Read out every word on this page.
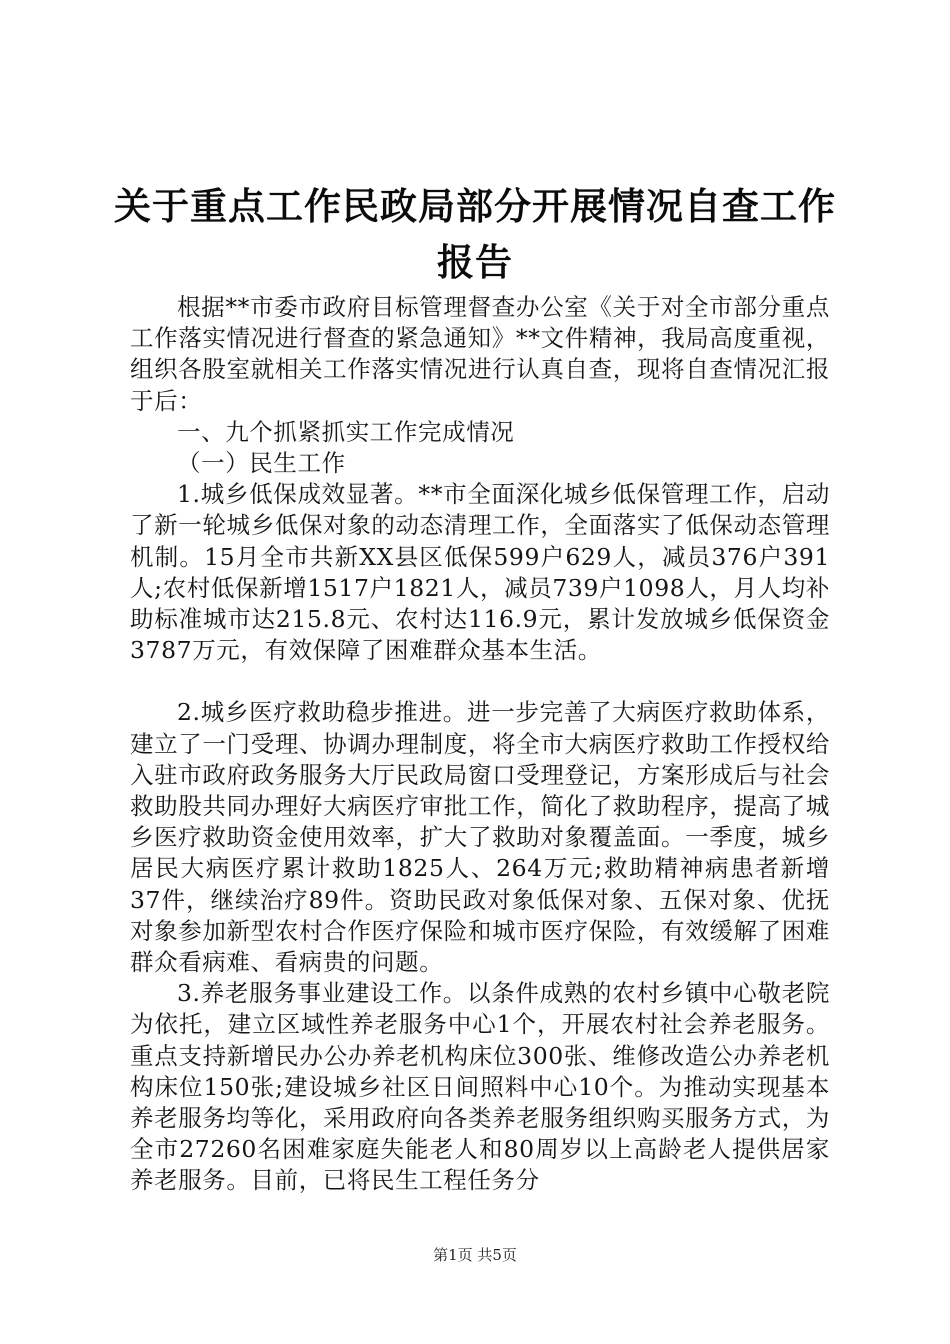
关于重点工作民政局部分开展情况自查工作报告

根据**市委市政府目标管理督查办公室《关于对全市部分重点工作落实情况进行督查的紧急通知》**文件精神，我局高度重视，组织各股室就相关工作落实情况进行认真自查，现将自查情况汇报于后：

一、九个抓紧抓实工作完成情况

（一）民生工作

1.城乡低保成效显著。**市全面深化城乡低保管理工作，启动了新一轮城乡低保对象的动态清理工作，全面落实了低保动态管理机制。15月全市共新XX县区低保599户629人，减员376户391人;农村低保新增1517户1821人，减员739户1098人，月人均补助标准城市达215.8元、农村达116.9元，累计发放城乡低保资金3787万元，有效保障了困难群众基本生活。

2.城乡医疗救助稳步推进。进一步完善了大病医疗救助体系，建立了一门受理、协调办理制度，将全市大病医疗救助工作授权给入驻市政府政务服务大厅民政局窗口受理登记，方案形成后与社会救助股共同办理好大病医疗审批工作，简化了救助程序，提高了城乡医疗救助资金使用效率，扩大了救助对象覆盖面。一季度，城乡居民大病医疗累计救助1825人、264万元;救助精神病患者新增37件，继续治疗89件。资助民政对象低保对象、五保对象、优抚对象参加新型农村合作医疗保险和城市医疗保险，有效缓解了困难群众看病难、看病贵的问题。

3.养老服务事业建设工作。以条件成熟的农村乡镇中心敬老院为依托，建立区域性养老服务中心1个，开展农村社会养老服务。重点支持新增民办公办养老机构床位300张、维修改造公办养老机构床位150张;建设城乡社区日间照料中心10个。为推动实现基本养老服务均等化，采用政府向各类养老服务组织购买服务方式，为全市27260名困难家庭失能老人和80周岁以上高龄老人提供居家养老服务。目前，已将民生工程任务分

第1页 共5页
